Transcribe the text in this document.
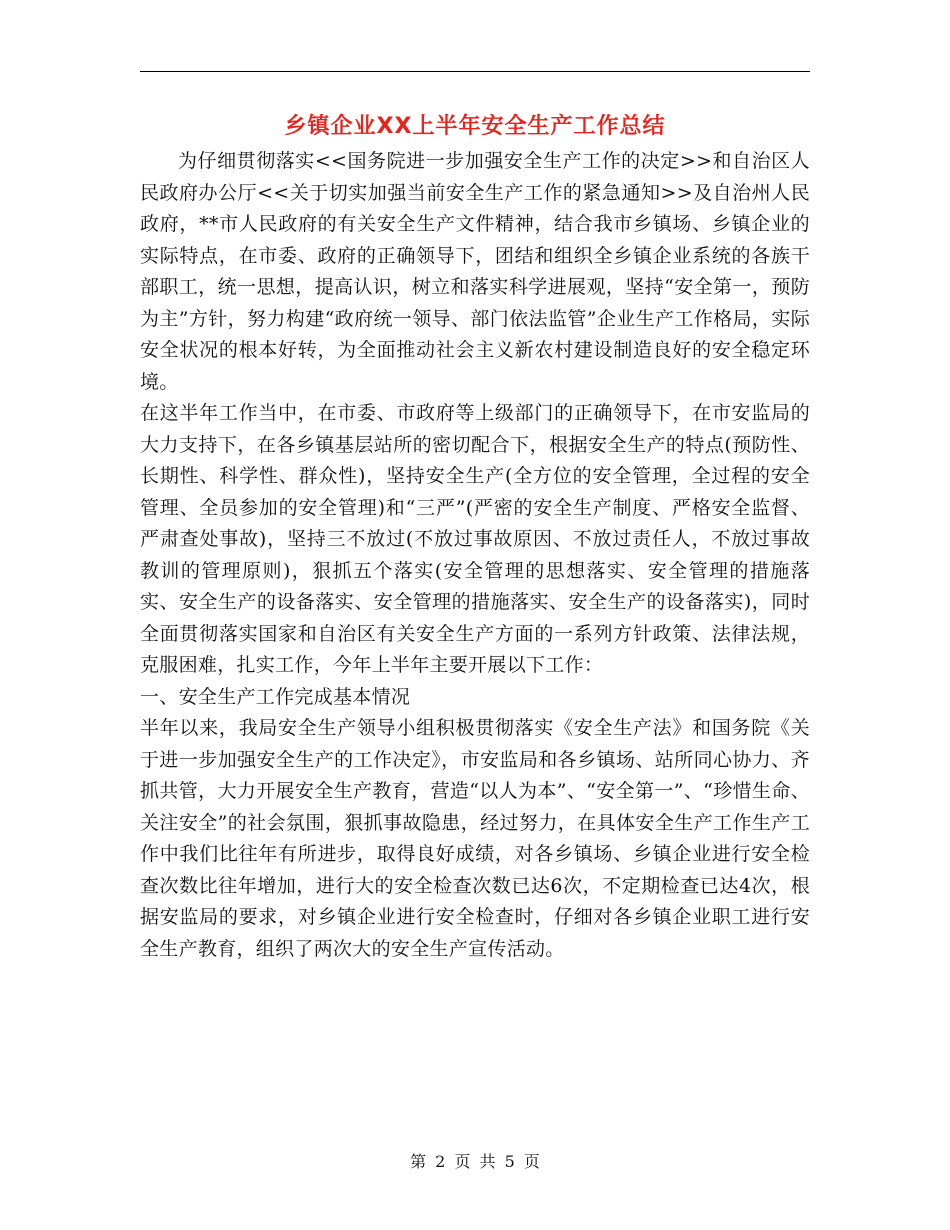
乡镇企业XX上半年安全生产工作总结

为仔细贯彻落实<<国务院进一步加强安全生产工作的决定>>和自治区人民政府办公厅<<关于切实加强当前安全生产工作的紧急通知>>及自治州人民政府，**市人民政府的有关安全生产文件精神，结合我市乡镇场、乡镇企业的实际特点，在市委、政府的正确领导下，团结和组织全乡镇企业系统的各族干部职工，统一思想，提高认识，树立和落实科学进展观，坚持“安全第一，预防为主”方针，努力构建“政府统一领导、部门依法监管”企业生产工作格局，实际安全状况的根本好转，为全面推动社会主义新农村建设制造良好的安全稳定环境。

在这半年工作当中，在市委、市政府等上级部门的正确领导下，在市安监局的大力支持下，在各乡镇基层站所的密切配合下，根据安全生产的特点(预防性、长期性、科学性、群众性)，坚持安全生产(全方位的安全管理，全过程的安全管理、全员参加的安全管理)和“三严”(严密的安全生产制度、严格安全监督、严肃查处事故)，坚持三不放过(不放过事故原因、不放过责任人，不放过事故教训的管理原则)，狠抓五个落实(安全管理的思想落实、安全管理的措施落实、安全生产的设备落实、安全管理的措施落实、安全生产的设备落实)，同时全面贯彻落实国家和自治区有关安全生产方面的一系列方针政策、法律法规，克服困难，扎实工作，今年上半年主要开展以下工作：

一、安全生产工作完成基本情况

半年以来，我局安全生产领导小组积极贯彻落实《安全生产法》和国务院《关于进一步加强安全生产的工作决定》，市安监局和各乡镇场、站所同心协力、齐抓共管，大力开展安全生产教育，营造“以人为本”、“安全第一”、“珍惜生命、关注安全”的社会氛围，狠抓事故隐患，经过努力，在具体安全生产工作生产工作中我们比往年有所进步，取得良好成绩，对各乡镇场、乡镇企业进行安全检查次数比往年增加，进行大的安全检查次数已达6次，不定期检查已达4次，根据安监局的要求，对乡镇企业进行安全检查时，仔细对各乡镇企业职工进行安全生产教育，组织了两次大的安全生产宣传活动。

第 2 页 共 5 页
